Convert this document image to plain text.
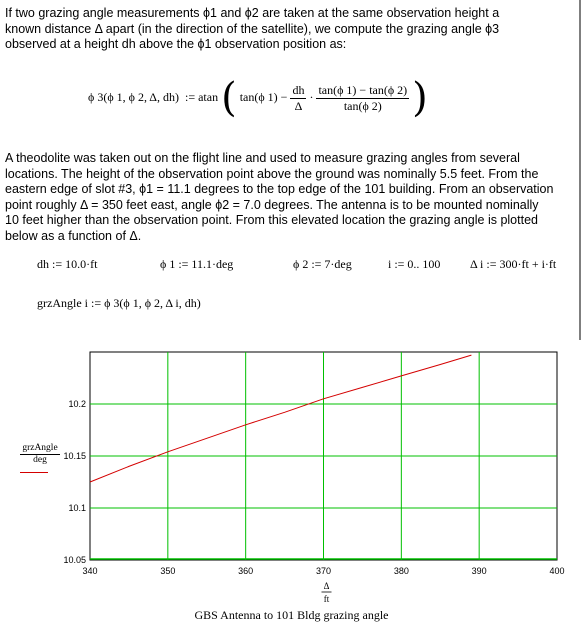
If two grazing angle measurements ϕ1 and ϕ2 are taken at the same observation height a
known distance Δ apart (in the direction of the satellite), we compute the grazing angle ϕ3
observed at a height dh above the ϕ1 observation position as:
ϕ 3(ϕ 1, ϕ 2, Δ, dh) := atan ( tan(ϕ $1) - \frac{dh}{\Delta} \cdot \frac{\tan(\phi 1) - \tan(\phi 2)}{\tan(\phi 2)}$ )
A theodolite was taken out on the flight line and used to measure grazing angles from several
locations. The height of the observation point above the ground was nominally 5.5 feet. From the
eastern edge of slot #3, ϕ1 = 11.1 degrees to the top edge of the 101 building. From an observation
point roughly Δ = 350 feet east, angle ϕ2 = 7.0 degrees. The antenna is to be mounted nominally
10 feet higher than the observation point. From this elevated location the grazing angle is plotted
below as a function of Δ.
dh := 10.0·ft	ϕ 1 := 11.1·deg	ϕ 2 := 7·deg	i := 0.. 100 Δ i := 300·ft + i·ft
grzAngle i := ϕ 3(ϕ 1, ϕ 2, Δ i, dh)
340	350	360	370	380	390	400
10.05
10.1
10.15
10.2
Δ
ft
grzAngle
deg
GBS Antenna to 101 Bldg grazing angle
